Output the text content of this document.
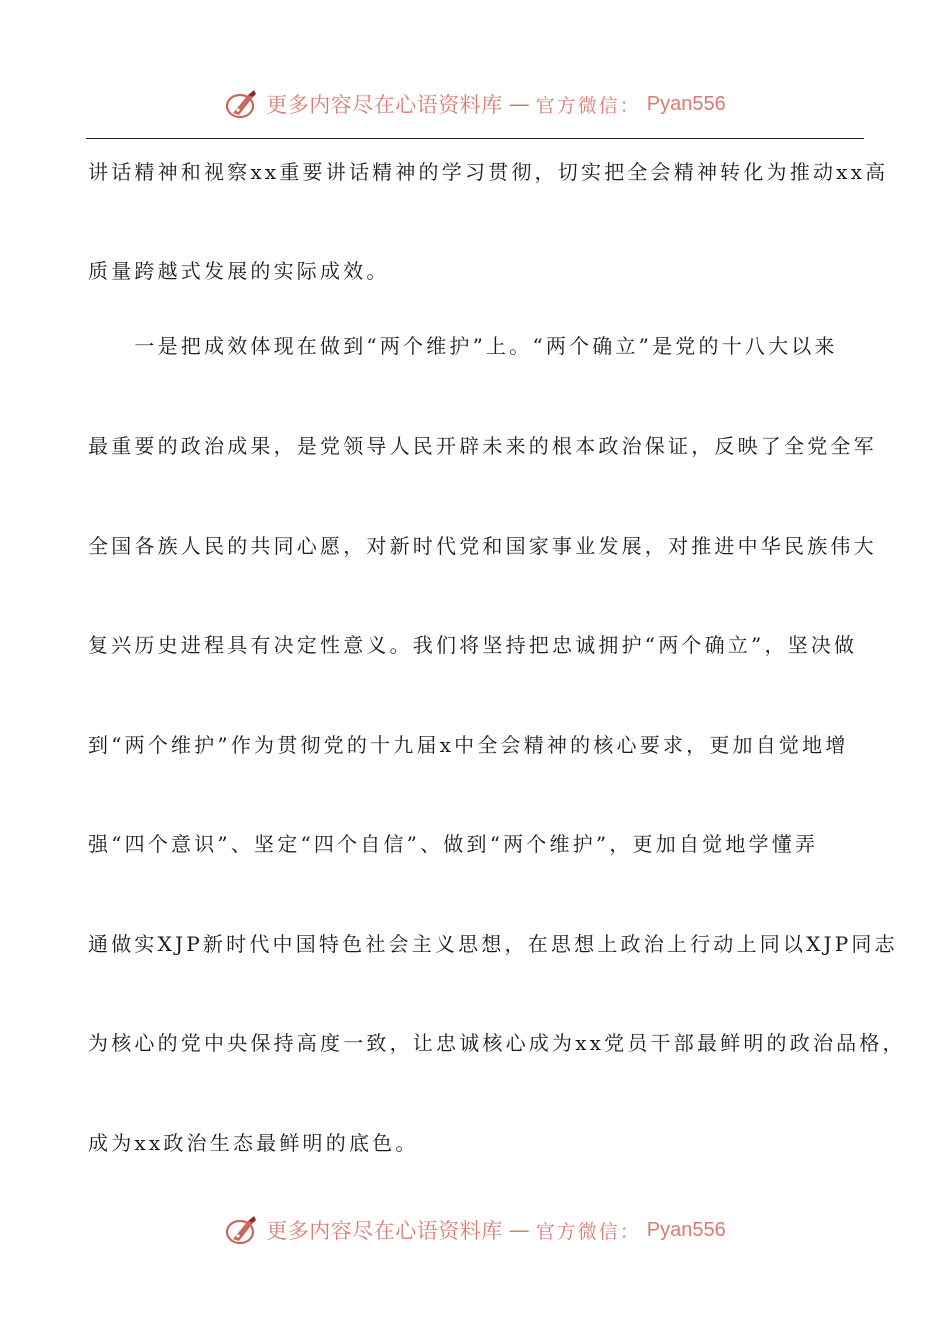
更多内容尽在心语资料库 — 官方微信： Pyan556
讲话精神和视察xx重要讲话精神的学习贯彻，切实把全会精神转化为推动xx高
质量跨越式发展的实际成效。
　　一是把成效体现在做到“两个维护”上。“两个确立”是党的十八大以来
最重要的政治成果，是党领导人民开辟未来的根本政治保证，反映了全党全军
全国各族人民的共同心愿，对新时代党和国家事业发展，对推进中华民族伟大
复兴历史进程具有决定性意义。我们将坚持把忠诚拥护“两个确立”，坚决做
到“两个维护”作为贯彻党的十九届x中全会精神的核心要求，更加自觉地增
强“四个意识”、坚定“四个自信”、做到“两个维护”，更加自觉地学懂弄
通做实XJP新时代中国特色社会主义思想，在思想上政治上行动上同以XJP同志
为核心的党中央保持高度一致，让忠诚核心成为xx党员干部最鲜明的政治品格，
成为xx政治生态最鲜明的底色。
更多内容尽在心语资料库 — 官方微信： Pyan556
